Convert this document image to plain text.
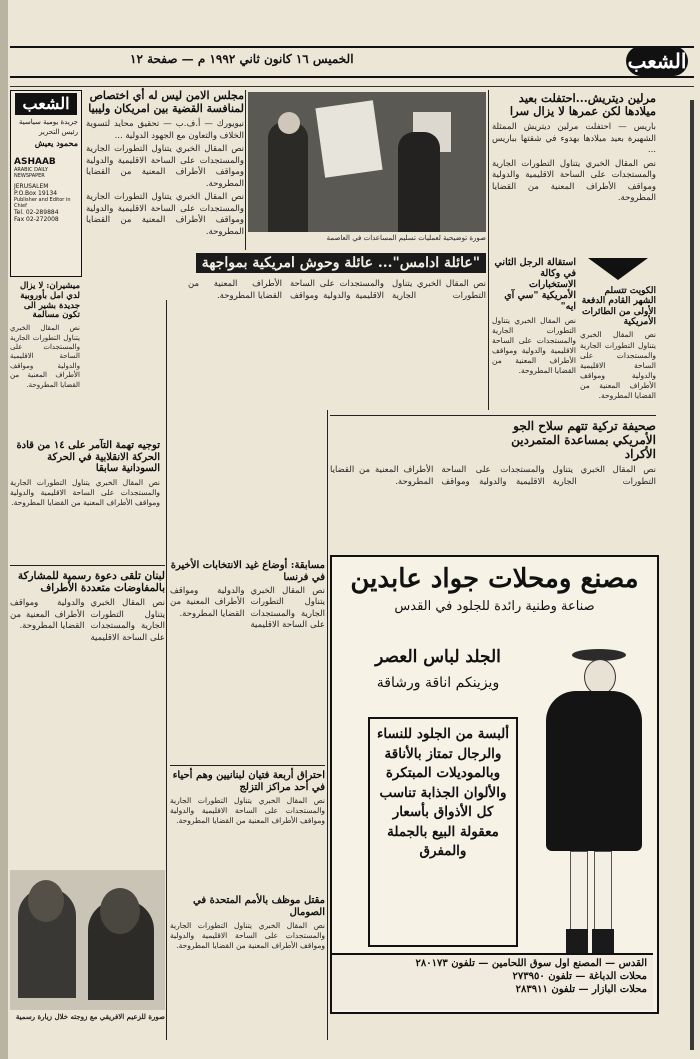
الخميس ١٦ كانون ثاني ١٩٩٢ م — صفحة ١٢	الشعب
الشعب
جريدة يومية سياسية
رئيس التحرير
محمود يعيش
ASHAAB
ARABIC DAILY NEWSPAPER
JERUSALEM
P.O.Box 19134
Publisher and Editor in Chief
Tel. 02-289884
Fax 02-272008
مجلس الامن ليس له أي اختصاص لمنافسة القضية بين امريكان وليبيا
نيويورك — أ.ف.ب — تحقيق محايد لتسوية الخلاف والتعاون مع الجهود الدولية ...
نص المقال الخبري يتناول التطورات الجارية والمستجدات على الساحة الاقليمية والدولية ومواقف الأطراف المعنية من القضايا المطروحة.
نص المقال الخبري يتناول التطورات الجارية والمستجدات على الساحة الاقليمية والدولية ومواقف الأطراف المعنية من القضايا المطروحة.
ميشيران: لا يزال لدي امل بأوروبية جديدة بشير الى تكون مسالمة
نص المقال الخبري يتناول التطورات الجارية والمستجدات على الساحة الاقليمية والدولية ومواقف الأطراف المعنية من القضايا المطروحة.
صورة توضيحية لعمليات تسليم المساعدات في العاصمة
مرلين ديتريش...احتفلت بعيد ميلادها لكن عمرها لا يزال سرا
باريس — احتفلت مرلين ديتريش الممثلة الشهيرة بعيد ميلادها بهدوء في شقتها بباريس ...
نص المقال الخبري يتناول التطورات الجارية والمستجدات على الساحة الاقليمية والدولية ومواقف الأطراف المعنية من القضايا المطروحة.
"عائلة ادامس"... عائلة وحوش امريكية بمواجهة
نص المقال الخبري يتناول التطورات الجارية والمستجدات على الساحة الاقليمية والدولية ومواقف الأطراف المعنية من القضايا المطروحة.	الكويت تتسلم الشهر القادم الدفعة الأولى من الطائرات الأمريكية
نص المقال الخبري يتناول التطورات الجارية والمستجدات على الساحة الاقليمية والدولية ومواقف الأطراف المعنية من القضايا المطروحة.
استقالة الرجل الثاني في وكالة الاستخبارات الأمريكية "سي آي ايه"
نص المقال الخبري يتناول التطورات الجارية والمستجدات على الساحة الاقليمية والدولية ومواقف الأطراف المعنية من القضايا المطروحة.
صحيفة تركية تتهم سلاح الجو الأمريكي بمساعدة المتمردين الأكراد
نص المقال الخبري يتناول التطورات الجارية والمستجدات على الساحة الاقليمية والدولية ومواقف الأطراف المعنية من القضايا المطروحة.
توجيه تهمة التآمر على ١٤ من قادة الحركة الانقلابية في الحركة السودانية سابقا
نص المقال الخبري يتناول التطورات الجارية والمستجدات على الساحة الاقليمية والدولية ومواقف الأطراف المعنية من القضايا المطروحة.
لبنان تلقى دعوة رسمية للمشاركة بالمفاوضات متعددة الأطراف
نص المقال الخبري يتناول التطورات الجارية والمستجدات على الساحة الاقليمية والدولية ومواقف الأطراف المعنية من القضايا المطروحة.
مسابقة: أوضاع غيد الانتخابات الأخيرة في فرنسا
نص المقال الخبري يتناول التطورات الجارية والمستجدات على الساحة الاقليمية والدولية ومواقف الأطراف المعنية من القضايا المطروحة.
احتراق أربعة فتيان لبنانيين وهم أحياء في أحد مراكز التزلج
نص المقال الخبري يتناول التطورات الجارية والمستجدات على الساحة الاقليمية والدولية ومواقف الأطراف المعنية من القضايا المطروحة.
مقتل موظف بالأمم المتحدة في الصومال
نص المقال الخبري يتناول التطورات الجارية والمستجدات على الساحة الاقليمية والدولية ومواقف الأطراف المعنية من القضايا المطروحة.
صورة للزعيم الافريقي مع زوجته خلال زيارة رسمية
مصنع ومحلات جواد عابدين
صناعة وطنية رائدة للجلود في القدس
الجلد لباس العصر
ويزينكم اناقة ورشاقة
ألبسة من الجلود للنساء والرجال تمتاز بالأناقة وبالموديلات المبتكرة والألوان الجذابة تناسب كل الأذواق بأسعار معقولة البيع بالجملة والمفرق
القدس — المصنع اول سوق اللحامين — تلفون ٢٨٠١٧٣
محلات الدباغة — تلفون ٢٧٣٩٥٠
محلات البازار — تلفون ٢٨٣٩١١
